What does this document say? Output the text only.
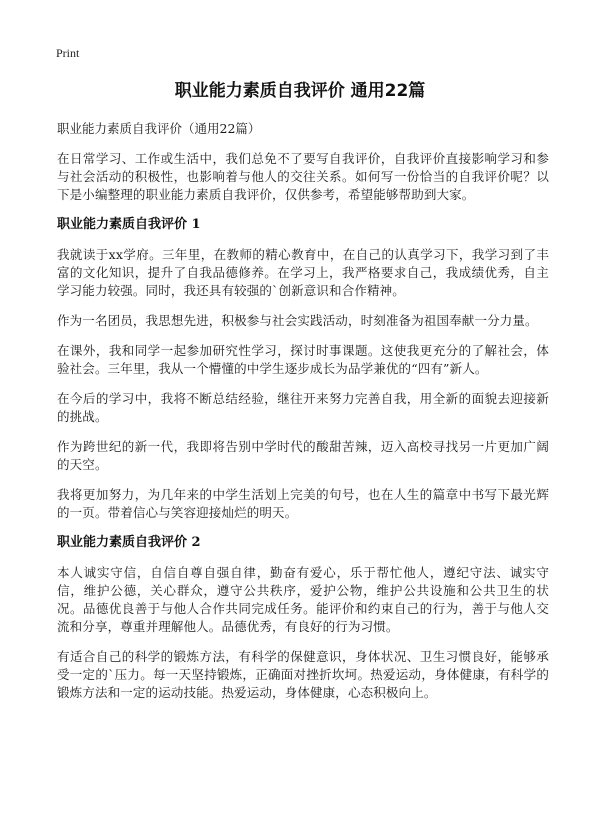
Print
职业能力素质自我评价 通用22篇
职业能力素质自我评价（通用22篇）

在日常学习、工作或生活中，我们总免不了要写自我评价，自我评价直接影响学习和参与社会活动的积极性，也影响着与他人的交往关系。如何写一份恰当的自我评价呢？以下是小编整理的职业能力素质自我评价，仅供参考，希望能够帮助到大家。

职业能力素质自我评价 1

我就读于xx学府。三年里，在教师的精心教育中，在自己的认真学习下，我学习到了丰富的文化知识，提升了自我品德修养。在学习上，我严格要求自己，我成绩优秀，自主学习能力较强。同时，我还具有较强的`创新意识和合作精神。

作为一名团员，我思想先进，积极参与社会实践活动，时刻准备为祖国奉献一分力量。

在课外，我和同学一起参加研究性学习，探讨时事课题。这使我更充分的了解社会，体验社会。三年里，我从一个懵懂的中学生逐步成长为品学兼优的“四有”新人。

在今后的学习中，我将不断总结经验，继往开来努力完善自我，用全新的面貌去迎接新的挑战。

作为跨世纪的新一代，我即将告别中学时代的酸甜苦辣，迈入高校寻找另一片更加广阔的天空。

我将更加努力，为几年来的中学生活划上完美的句号，也在人生的篇章中书写下最光辉的一页。带着信心与笑容迎接灿烂的明天。

职业能力素质自我评价 2

本人诚实守信，自信自尊自强自律，勤奋有爱心，乐于帮忙他人，遵纪守法、诚实守信，维护公德，关心群众，遵守公共秩序，爱护公物，维护公共设施和公共卫生的状况。品德优良善于与他人合作共同完成任务。能评价和约束自己的行为，善于与他人交流和分享，尊重并理解他人。品德优秀，有良好的行为习惯。

有适合自己的科学的锻炼方法，有科学的保健意识，身体状况、卫生习惯良好，能够承受一定的`压力。每一天坚持锻炼，正确面对挫折坎坷。热爱运动，身体健康，有科学的锻炼方法和一定的运动技能。热爱运动，身体健康，心态积极向上。
